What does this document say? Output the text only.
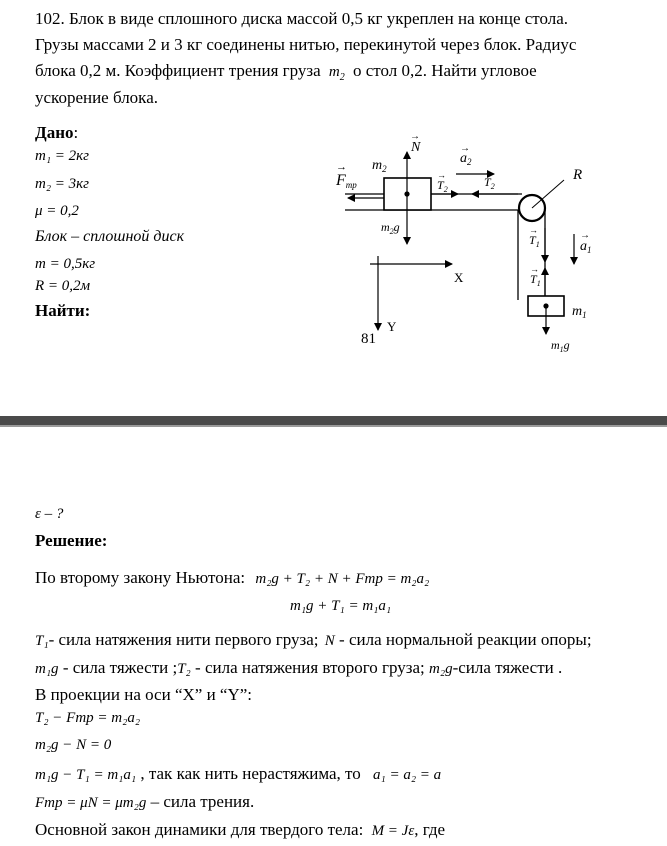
102. Блок в виде сплошного диска массой 0,5 кг укреплен на конце стола.
Грузы массами 2 и 3 кг соединены нитью, перекинутой через блок. Радиус
блока 0,2 м. Коэффициент трения груза $m_2$ о стол 0,2. Найти угловое
ускорение блока.
Дано:
m₁ = 2кг
m₂ = 3кг
μ = 0,2
Блок – сплошной диск
m = 0,5кг
R = 0,2м
Найти:
N
→
$m_2$
$a_2$
→
R
Fтр
→
$T_2$
→	$T_2$
→
$m_2g$
$T_1$
→
$T_1$
→
$a_1$
→
$m_1$
$m_1g$
X
Y
81
ε – ?
Решение:
По второму закону Ньютона: m₂g + T₂ + N + Fтр = m₂a₂
m₁g + T₁ = m₁a₁
T₁- сила натяжения нити первого груза; N - сила нормальной реакции опоры;
m₁g - сила тяжести ;T₂ - сила натяжения второго груза; m₂g-сила тяжести .
В проекции на оси “X” и “Y”:
T₂ − Fтр = m₂a₂
m₂g − N = 0
m₁g − T₁ = m₁a₁ , так как нить нерастяжима, то a₁ = a₂ = a
Fтр = μN = μm₂g – сила трения.
Основной закон динамики для твердого тела: M = Jε, где
